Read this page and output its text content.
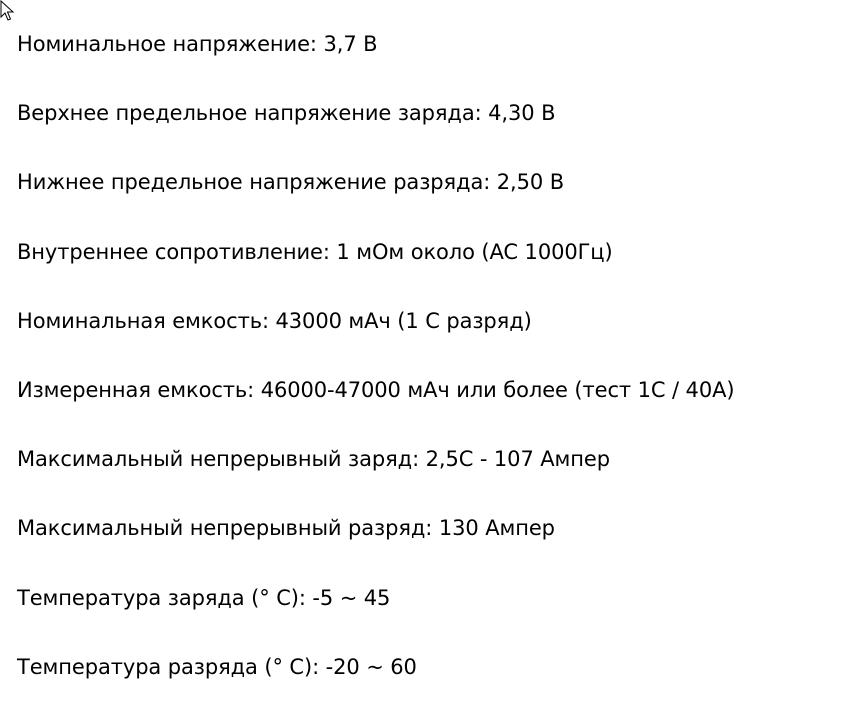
Номинальное напряжение: 3,7 В
Верхнее предельное напряжение заряда: 4,30 В
Нижнее предельное напряжение разряда: 2,50 В
Внутреннее сопротивление: 1 мОм около (AC 1000Гц)
Номинальная емкость: 43000 мАч (1 С разряд)
Измеренная емкость: 46000-47000 мАч или более (тест 1С / 40А)
Максимальный непрерывный заряд: 2,5С - 107 Ампер
Максимальный непрерывный разряд: 130 Ампер
Температура заряда (° С): -5 ~ 45
Температура разряда (° С): -20 ~ 60
